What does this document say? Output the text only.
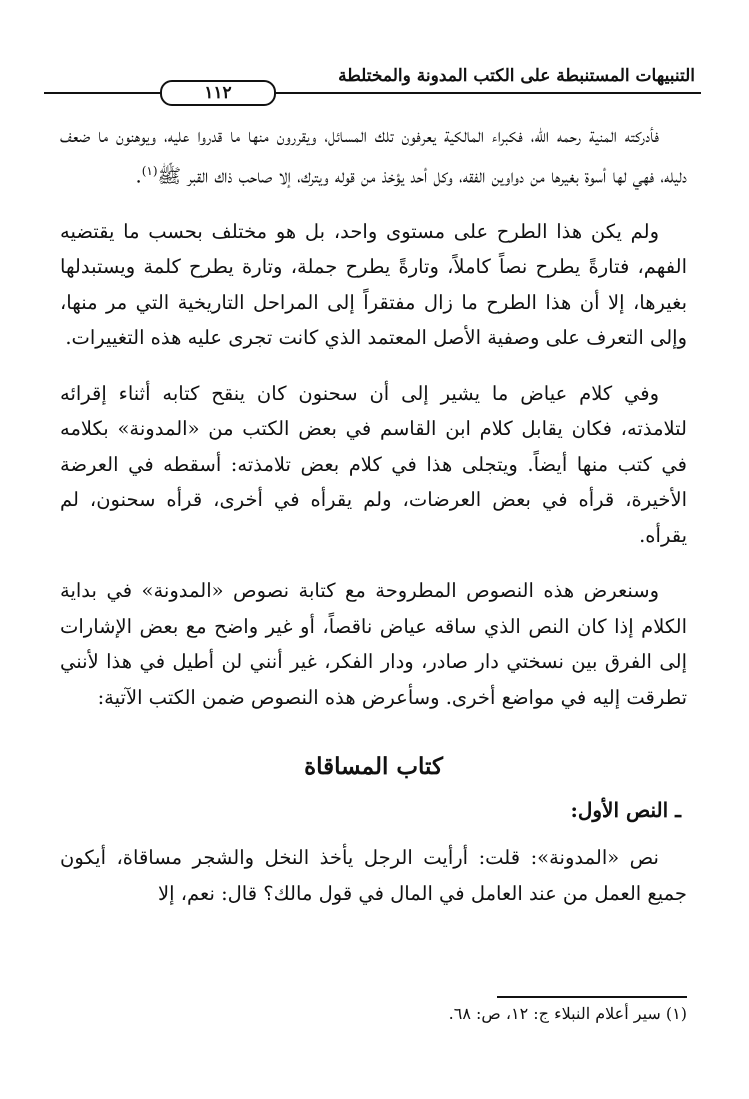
التنبيهات المستنبطة على الكتب المدونة والمختلطة
١١٢

فأدركته المنية رحمه الله، فكبراء المالكية يعرفون تلك المسائل، ويقررون منها ما قدروا عليه، ويوهنون ما ضعف دليله، فهي لها أسوة بغيرها من دواوين الفقه، وكل أحد يؤخذ من قوله ويترك، إلا صاحب ذاك القبر ﷺ$^{(١)}$.

ولم يكن هذا الطرح على مستوى واحد، بل هو مختلف بحسب ما يقتضيه الفهم، فتارةً يطرح نصاً كاملاً، وتارةً يطرح جملة، وتارة يطرح كلمة ويستبدلها بغيرها، إلا أن هذا الطرح ما زال مفتقراً إلى المراحل التاريخية التي مر منها، وإلى التعرف على وصفية الأصل المعتمد الذي كانت تجرى عليه هذه التغييرات.

وفي كلام عياض ما يشير إلى أن سحنون كان ينقح كتابه أثناء إقرائه لتلامذته، فكان يقابل كلام ابن القاسم في بعض الكتب من «المدونة» بكلامه في كتب منها أيضاً. ويتجلى هذا في كلام بعض تلامذته: أسقطه في العرضة الأخيرة، قرأه في بعض العرضات، ولم يقرأه في أخرى، قرأه سحنون، لم يقرأه.

وسنعرض هذه النصوص المطروحة مع كتابة نصوص «المدونة» في بداية الكلام إذا كان النص الذي ساقه عياض ناقصاً، أو غير واضح مع بعض الإشارات إلى الفرق بين نسختي دار صادر، ودار الفكر، غير أنني لن أطيل في هذا لأنني تطرقت إليه في مواضع أخرى. وسأعرض هذه النصوص ضمن الكتب الآتية:

كتاب المساقاة
ـ النص الأول:

نص «المدونة»: قلت: أرأيت الرجل يأخذ النخل والشجر مساقاة، أيكون جميع العمل من عند العامل في المال في قول مالك؟ قال: نعم، إلا

(١) سير أعلام النبلاء ج: ١٢، ص: ٦٨.
